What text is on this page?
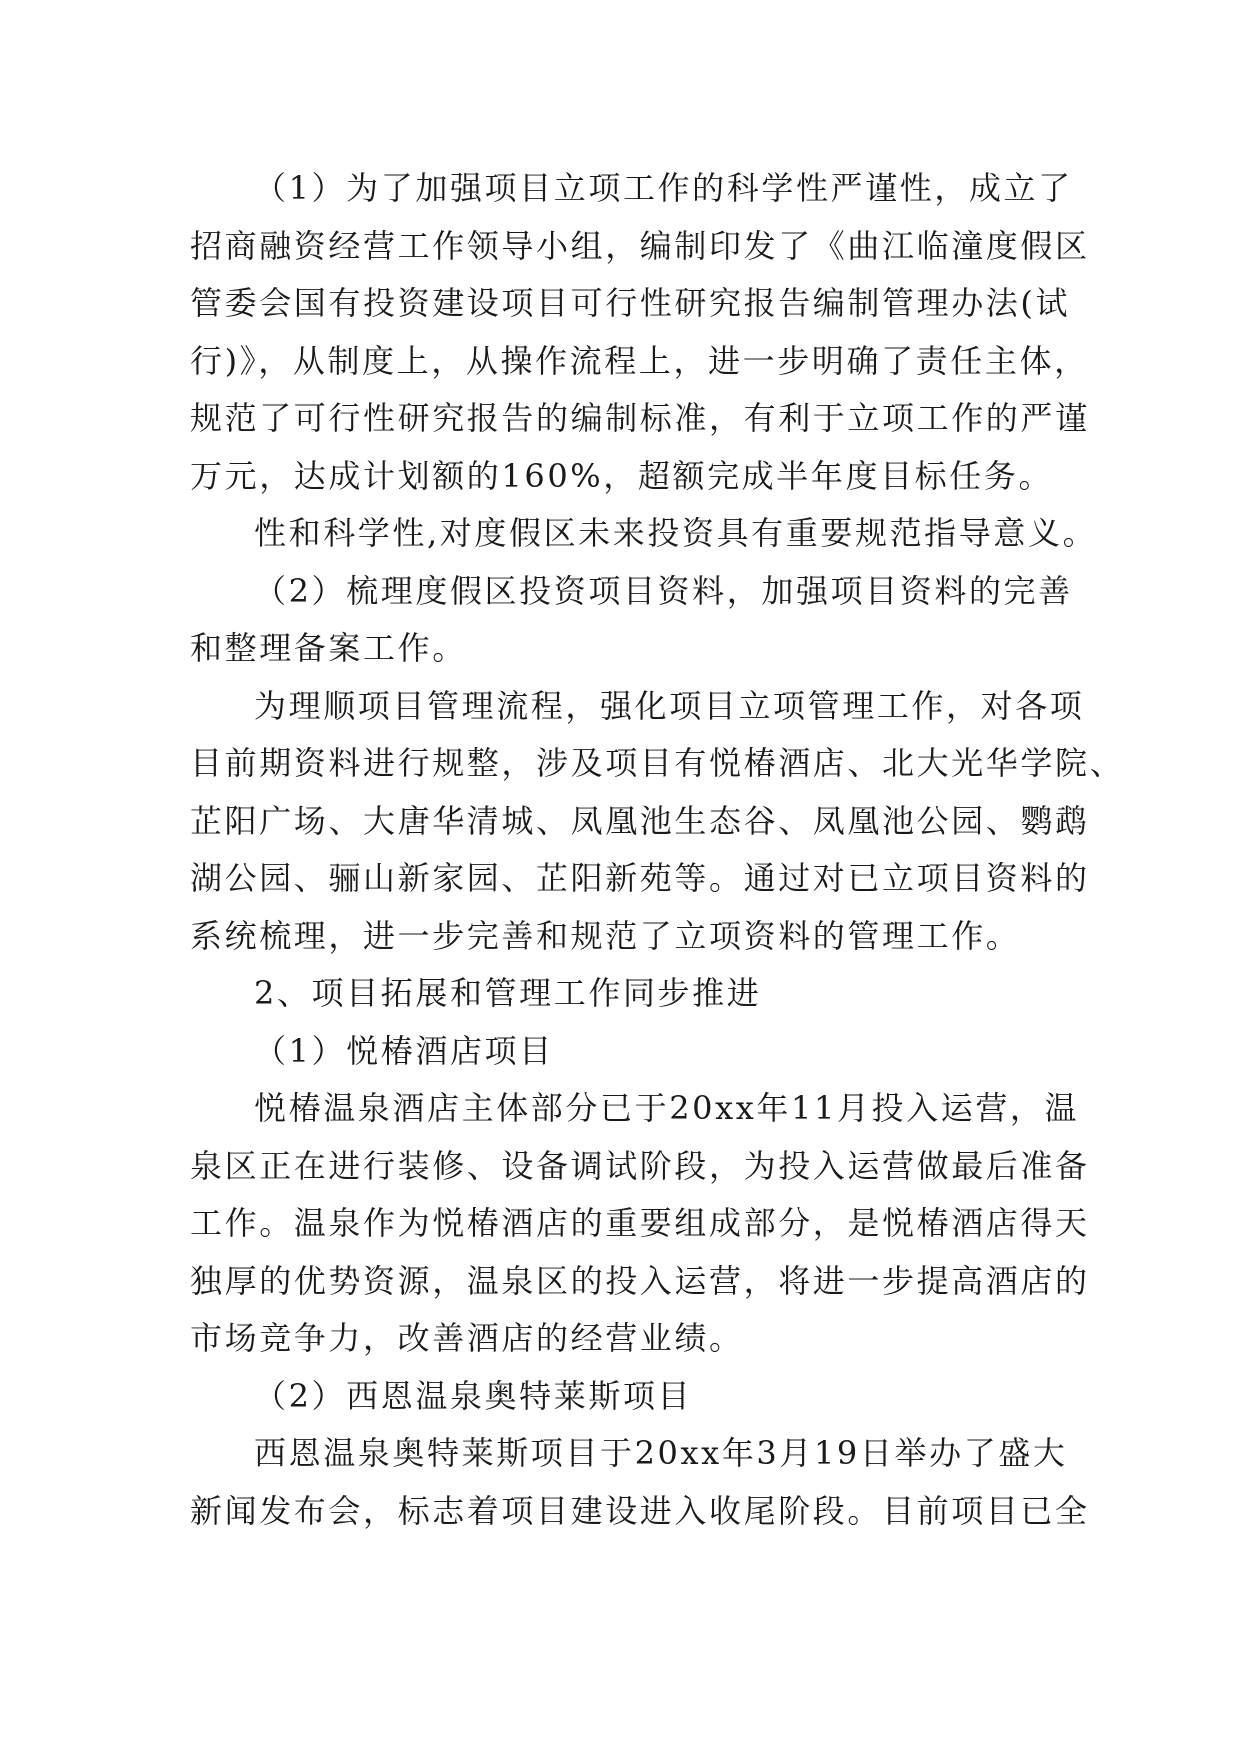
（1）为了加强项目立项工作的科学性严谨性，成立了
招商融资经营工作领导小组，编制印发了《曲江临潼度假区
管委会国有投资建设项目可行性研究报告编制管理办法(试
行)》，从制度上，从操作流程上，进一步明确了责任主体，
规范了可行性研究报告的编制标准，有利于立项工作的严谨
万元，达成计划额的160%，超额完成半年度目标任务。
性和科学性,对度假区未来投资具有重要规范指导意义。
（2）梳理度假区投资项目资料，加强项目资料的完善
和整理备案工作。
为理顺项目管理流程，强化项目立项管理工作，对各项
目前期资料进行规整，涉及项目有悦椿酒店、北大光华学院、
芷阳广场、大唐华清城、凤凰池生态谷、凤凰池公园、鹦鹉
湖公园、骊山新家园、芷阳新苑等。通过对已立项目资料的
系统梳理，进一步完善和规范了立项资料的管理工作。
2、项目拓展和管理工作同步推进
（1）悦椿酒店项目
悦椿温泉酒店主体部分已于20xx年11月投入运营，温
泉区正在进行装修、设备调试阶段，为投入运营做最后准备
工作。温泉作为悦椿酒店的重要组成部分，是悦椿酒店得天
独厚的优势资源，温泉区的投入运营，将进一步提高酒店的
市场竞争力，改善酒店的经营业绩。
（2）西恩温泉奥特莱斯项目
西恩温泉奥特莱斯项目于20xx年3月19日举办了盛大
新闻发布会，标志着项目建设进入收尾阶段。目前项目已全
